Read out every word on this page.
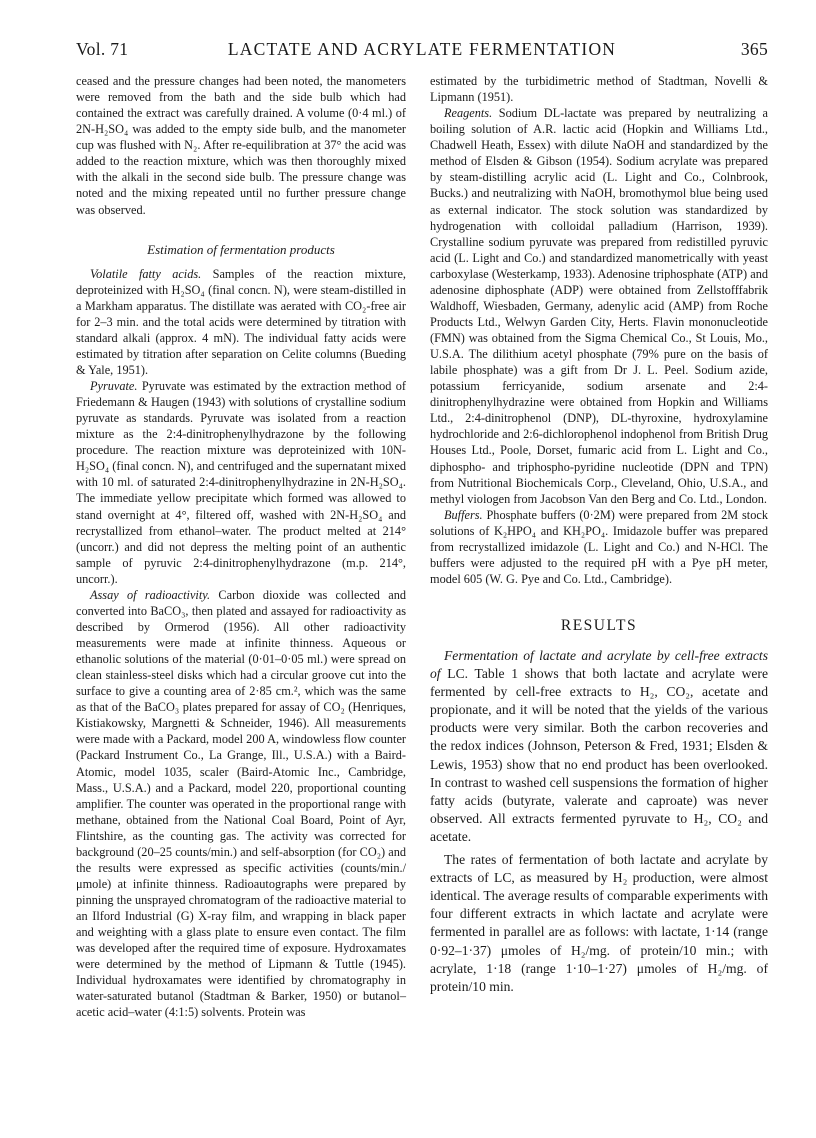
Vol. 71	LACTATE AND ACRYLATE FERMENTATION	365

ceased and the pressure changes had been noted, the manometers were removed from the bath and the side bulb which had contained the extract was carefully drained. A volume (0·4 ml.) of 2N-H₂SO₄ was added to the empty side bulb, and the manometer cup was flushed with N₂. After re-equilibration at 37° the acid was added to the reaction mixture, which was then thoroughly mixed with the alkali in the second side bulb. The pressure change was noted and the mixing repeated until no further pressure change was observed.

Estimation of fermentation products

Volatile fatty acids. Samples of the reaction mixture, deproteinized with H₂SO₄ (final concn. N), were steam-distilled in a Markham apparatus. The distillate was aerated with CO₂-free air for 2–3 min. and the total acids were determined by titration with standard alkali (approx. 4 mN). The individual fatty acids were estimated by titration after separation on Celite columns (Bueding & Yale, 1951).

Pyruvate. Pyruvate was estimated by the extraction method of Friedemann & Haugen (1943) with solutions of crystalline sodium pyruvate as standards. Pyruvate was isolated from a reaction mixture as the 2:4-dinitrophenylhydrazone by the following procedure. The reaction mixture was deproteinized with 10N-H₂SO₄ (final concn. N), and centrifuged and the supernatant mixed with 10 ml. of saturated 2:4-dinitrophenylhydrazine in 2N-H₂SO₄. The immediate yellow precipitate which formed was allowed to stand overnight at 4°, filtered off, washed with 2N-H₂SO₄ and recrystallized from ethanol–water. The product melted at 214° (uncorr.) and did not depress the melting point of an authentic sample of pyruvic 2:4-dinitrophenylhydrazone (m.p. 214°, uncorr.).

Assay of radioactivity. Carbon dioxide was collected and converted into BaCO₃, then plated and assayed for radioactivity as described by Ormerod (1956). All other radioactivity measurements were made at infinite thinness. Aqueous or ethanolic solutions of the material (0·01–0·05 ml.) were spread on clean stainless-steel disks which had a circular groove cut into the surface to give a counting area of 2·85 cm.², which was the same as that of the BaCO₃ plates prepared for assay of CO₂ (Henriques, Kistiakowsky, Margnetti & Schneider, 1946). All measurements were made with a Packard, model 200 A, windowless flow counter (Packard Instrument Co., La Grange, Ill., U.S.A.) with a Baird-Atomic, model 1035, scaler (Baird-Atomic Inc., Cambridge, Mass., U.S.A.) and a Packard, model 220, proportional counting amplifier. The counter was operated in the proportional range with methane, obtained from the National Coal Board, Point of Ayr, Flintshire, as the counting gas. The activity was corrected for background (20–25 counts/min.) and self-absorption (for CO₂) and the results were expressed as specific activities (counts/min./μmole) at infinite thinness. Radioautographs were prepared by pinning the unsprayed chromatogram of the radioactive material to an Ilford Industrial (G) X-ray film, and wrapping in black paper and weighting with a glass plate to ensure even contact. The film was developed after the required time of exposure. Hydroxamates were determined by the method of Lipmann & Tuttle (1945). Individual hydroxamates were identified by chromatography in water-saturated butanol (Stadtman & Barker, 1950) or butanol–acetic acid–water (4:1:5) solvents. Protein was

estimated by the turbidimetric method of Stadtman, Novelli & Lipmann (1951).

Reagents. Sodium DL-lactate was prepared by neutralizing a boiling solution of A.R. lactic acid (Hopkin and Williams Ltd., Chadwell Heath, Essex) with dilute NaOH and standardized by the method of Elsden & Gibson (1954). Sodium acrylate was prepared by steam-distilling acrylic acid (L. Light and Co., Colnbrook, Bucks.) and neutralizing with NaOH, bromothymol blue being used as external indicator. The stock solution was standardized by hydrogenation with colloidal palladium (Harrison, 1939). Crystalline sodium pyruvate was prepared from redistilled pyruvic acid (L. Light and Co.) and standardized manometrically with yeast carboxylase (Westerkamp, 1933). Adenosine triphosphate (ATP) and adenosine diphosphate (ADP) were obtained from Zellstofffabrik Waldhoff, Wiesbaden, Germany, adenylic acid (AMP) from Roche Products Ltd., Welwyn Garden City, Herts. Flavin mononucleotide (FMN) was obtained from the Sigma Chemical Co., St Louis, Mo., U.S.A. The dilithium acetyl phosphate (79% pure on the basis of labile phosphate) was a gift from Dr J. L. Peel. Sodium azide, potassium ferricyanide, sodium arsenate and 2:4-dinitrophenylhydrazine were obtained from Hopkin and Williams Ltd., 2:4-dinitrophenol (DNP), DL-thyroxine, hydroxylamine hydrochloride and 2:6-dichlorophenol indophenol from British Drug Houses Ltd., Poole, Dorset, fumaric acid from L. Light and Co., diphospho- and triphospho-pyridine nucleotide (DPN and TPN) from Nutritional Biochemicals Corp., Cleveland, Ohio, U.S.A., and methyl viologen from Jacobson Van den Berg and Co. Ltd., London.

Buffers. Phosphate buffers (0·2M) were prepared from 2M stock solutions of K₂HPO₄ and KH₂PO₄. Imidazole buffer was prepared from recrystallized imidazole (L. Light and Co.) and N-HCl. The buffers were adjusted to the required pH with a Pye pH meter, model 605 (W. G. Pye and Co. Ltd., Cambridge).

RESULTS

Fermentation of lactate and acrylate by cell-free extracts of LC. Table 1 shows that both lactate and acrylate were fermented by cell-free extracts to H₂, CO₂, acetate and propionate, and it will be noted that the yields of the various products were very similar. Both the carbon recoveries and the redox indices (Johnson, Peterson & Fred, 1931; Elsden & Lewis, 1953) show that no end product has been overlooked. In contrast to washed cell suspensions the formation of higher fatty acids (butyrate, valerate and caproate) was never observed. All extracts fermented pyruvate to H₂, CO₂ and acetate.

The rates of fermentation of both lactate and acrylate by extracts of LC, as measured by H₂ production, were almost identical. The average results of comparable experiments with four different extracts in which lactate and acrylate were fermented in parallel are as follows: with lactate, 1·14 (range 0·92–1·37) μmoles of H₂/mg. of protein/10 min.; with acrylate, 1·18 (range 1·10–1·27) μmoles of H₂/mg. of protein/10 min.
